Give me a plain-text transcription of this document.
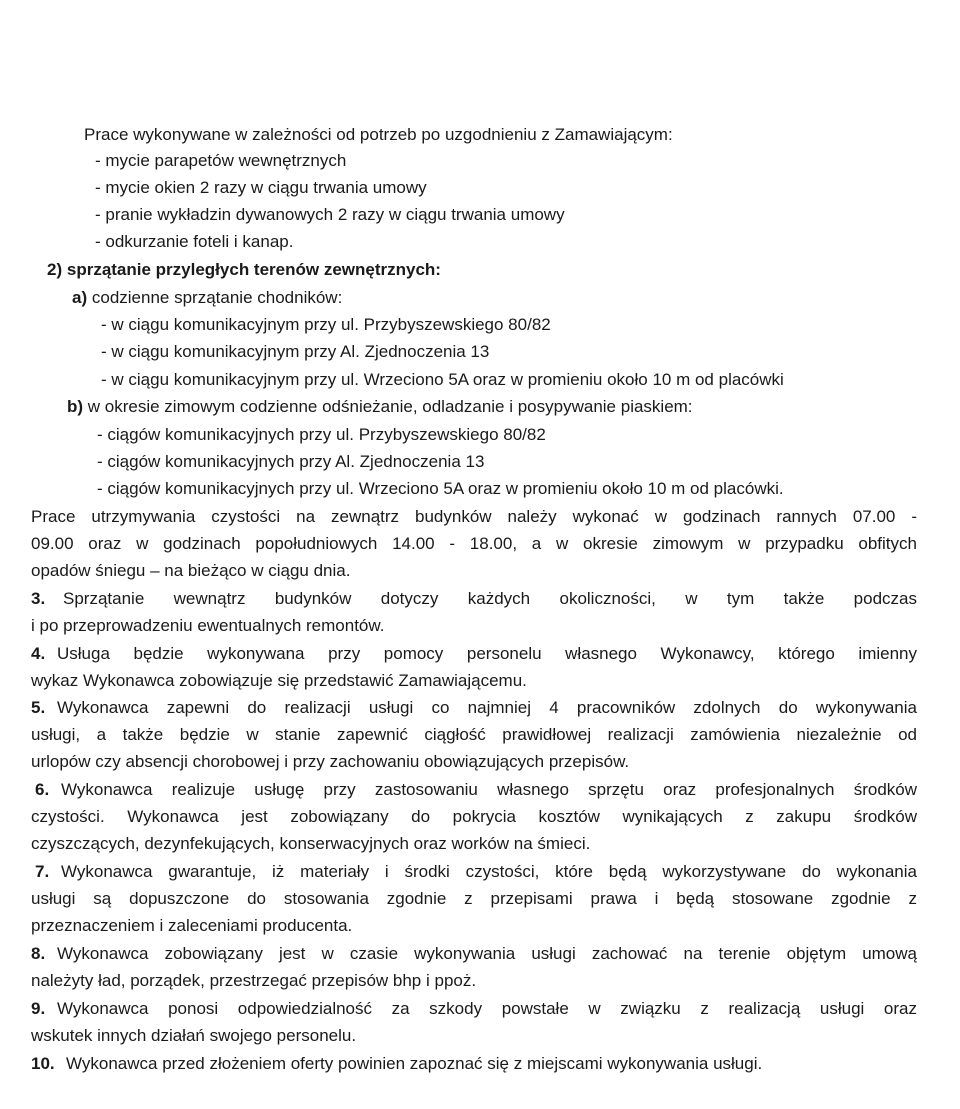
Prace wykonywane w zależności od potrzeb po uzgodnieniu z Zamawiającym:
- mycie parapetów wewnętrznych
- mycie okien 2 razy w ciągu trwania umowy
- pranie wykładzin dywanowych 2 razy w ciągu trwania umowy
- odkurzanie foteli i kanap.
2) sprzątanie przyległych terenów zewnętrznych:
a) codzienne sprzątanie chodników:
- w ciągu komunikacyjnym przy ul. Przybyszewskiego 80/82
- w ciągu komunikacyjnym przy Al. Zjednoczenia 13
- w ciągu komunikacyjnym przy ul. Wrzeciono 5A oraz w promieniu około 10 m od placówki
b) w okresie zimowym codzienne odśnieżanie, odladzanie i posypywanie piaskiem:
- ciągów komunikacyjnych przy ul. Przybyszewskiego 80/82
- ciągów komunikacyjnych przy Al. Zjednoczenia 13
- ciągów komunikacyjnych przy ul. Wrzeciono 5A oraz w promieniu około 10 m od placówki.
Prace utrzymywania czystości na zewnątrz budynków należy wykonać w godzinach rannych 07.00 -
09.00 oraz w godzinach popołudniowych 14.00 - 18.00, a w okresie zimowym w przypadku obfitych
opadów śniegu – na bieżąco w ciągu dnia.
3.	Sprzątanie wewnątrz budynków dotyczy każdych okoliczności, w tym także podczas
i po przeprowadzeniu ewentualnych remontów.
4. Usługa będzie wykonywana przy pomocy personelu własnego Wykonawcy, którego imienny
wykaz Wykonawca zobowiązuje się przedstawić Zamawiającemu.
5. Wykonawca zapewni do realizacji usługi co najmniej 4 pracowników zdolnych do wykonywania
usługi, a także będzie w stanie zapewnić ciągłość prawidłowej realizacji zamówienia niezależnie od
urlopów czy absencji chorobowej i przy zachowaniu obowiązujących przepisów.
6. Wykonawca realizuje usługę przy zastosowaniu własnego sprzętu oraz profesjonalnych środków
czystości. Wykonawca jest zobowiązany do pokrycia kosztów wynikających z zakupu środków
czyszczących, dezynfekujących, konserwacyjnych oraz worków na śmieci.
7. Wykonawca gwarantuje, iż materiały i środki czystości, które będą wykorzystywane do wykonania
usługi są dopuszczone do stosowania zgodnie z przepisami prawa i będą stosowane zgodnie z
przeznaczeniem i zaleceniami producenta.
8. Wykonawca zobowiązany jest w czasie wykonywania usługi zachować na terenie objętym umową
należyty ład, porządek, przestrzegać przepisów bhp i ppoż.
9. Wykonawca ponosi odpowiedzialność za szkody powstałe w związku z realizacją usługi oraz
wskutek innych działań swojego personelu.
10. Wykonawca przed złożeniem oferty powinien zapoznać się z miejscami wykonywania usługi.
